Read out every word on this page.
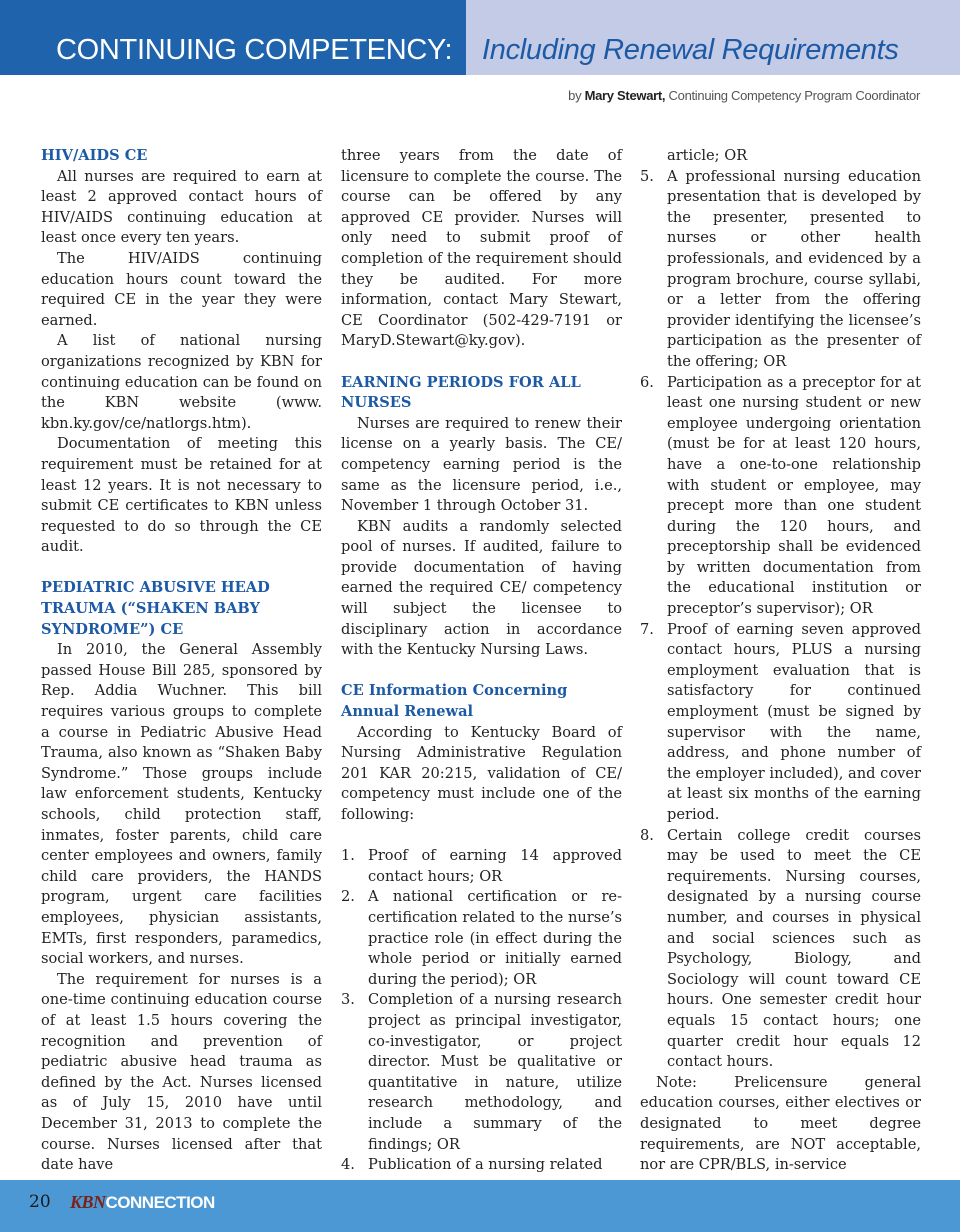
CONTINUING COMPETENCY: Including Renewal Requirements
by Mary Stewart, Continuing Competency Program Coordinator
HIV/AIDS CE

All nurses are required to earn at least 2 approved contact hours of HIV/AIDS continuing education at least once every ten years.

The HIV/AIDS continuing education hours count toward the required CE in the year they were earned.

A list of national nursing organizations recognized by KBN for continuing education can be found on the KBN website (www. kbn.ky.gov/ce/natlorgs.htm).

Documentation of meeting this requirement must be retained for at least 12 years. It is not necessary to submit CE certificates to KBN unless requested to do so through the CE audit.

PEDIATRIC ABUSIVE HEAD TRAUMA (“SHAKEN BABY SYNDROME”) CE

In 2010, the General Assembly passed House Bill 285, sponsored by Rep. Addia Wuchner. This bill requires various groups to complete a course in Pediatric Abusive Head Trauma, also known as “Shaken Baby Syndrome.” Those groups include law enforcement students, Kentucky schools, child protection staff, inmates, foster parents, child care center employees and owners, family child care providers, the HANDS program, urgent care facilities employees, physician assistants, EMTs, first responders, paramedics, social workers, and nurses.

The requirement for nurses is a one-time continuing education course of at least 1.5 hours covering the recognition and prevention of pediatric abusive head trauma as defined by the Act. Nurses licensed as of July 15, 2010 have until December 31, 2013 to complete the course. Nurses licensed after that date have

three years from the date of licensure to complete the course. The course can be offered by any approved CE provider. Nurses will only need to submit proof of completion of the requirement should they be audited. For more information, contact Mary Stewart, CE Coordinator (502-429-7191 or MaryD.Stewart@ky.gov).

EARNING PERIODS FOR ALL NURSES

Nurses are required to renew their license on a yearly basis. The CE/ competency earning period is the same as the licensure period, i.e., November 1 through October 31.

KBN audits a randomly selected pool of nurses. If audited, failure to provide documentation of having earned the required CE/ competency will subject the licensee to disciplinary action in accordance with the Kentucky Nursing Laws.

CE Information Concerning Annual Renewal

According to Kentucky Board of Nursing Administrative Regulation 201 KAR 20:215, validation of CE/ competency must include one of the following:

1. Proof of earning 14 approved contact hours; OR
2. A national certification or re-certification related to the nurse’s practice role (in effect during the whole period or initially earned during the period); OR
3. Completion of a nursing research project as principal investigator, co-investigator, or project director. Must be qualitative or quantitative in nature, utilize research methodology, and include a summary of the findings; OR
4. Publication of a nursing related
article; OR
5. A professional nursing education presentation that is developed by the presenter, presented to nurses or other health professionals, and evidenced by a program brochure, course syllabi, or a letter from the offering provider identifying the licensee’s participation as the presenter of the offering; OR
6. Participation as a preceptor for at least one nursing student or new employee undergoing orientation (must be for at least 120 hours, have a one-to-one relationship with student or employee, may precept more than one student during the 120 hours, and preceptorship shall be evidenced by written documentation from the educational institution or preceptor’s supervisor); OR
7. Proof of earning seven approved contact hours, PLUS a nursing employment evaluation that is satisfactory for continued employment (must be signed by supervisor with the name, address, and phone number of the employer included), and cover at least six months of the earning period.
8. Certain college credit courses may be used to meet the CE requirements. Nursing courses, designated by a nursing course number, and courses in physical and social sciences such as Psychology, Biology, and Sociology will count toward CE hours. One semester credit hour equals 15 contact hours; one quarter credit hour equals 12 contact hours.

Note: Prelicensure general education courses, either electives or designated to meet degree requirements, are NOT acceptable, nor are CPR/BLS, in-service

20 KBNCONNECTION
